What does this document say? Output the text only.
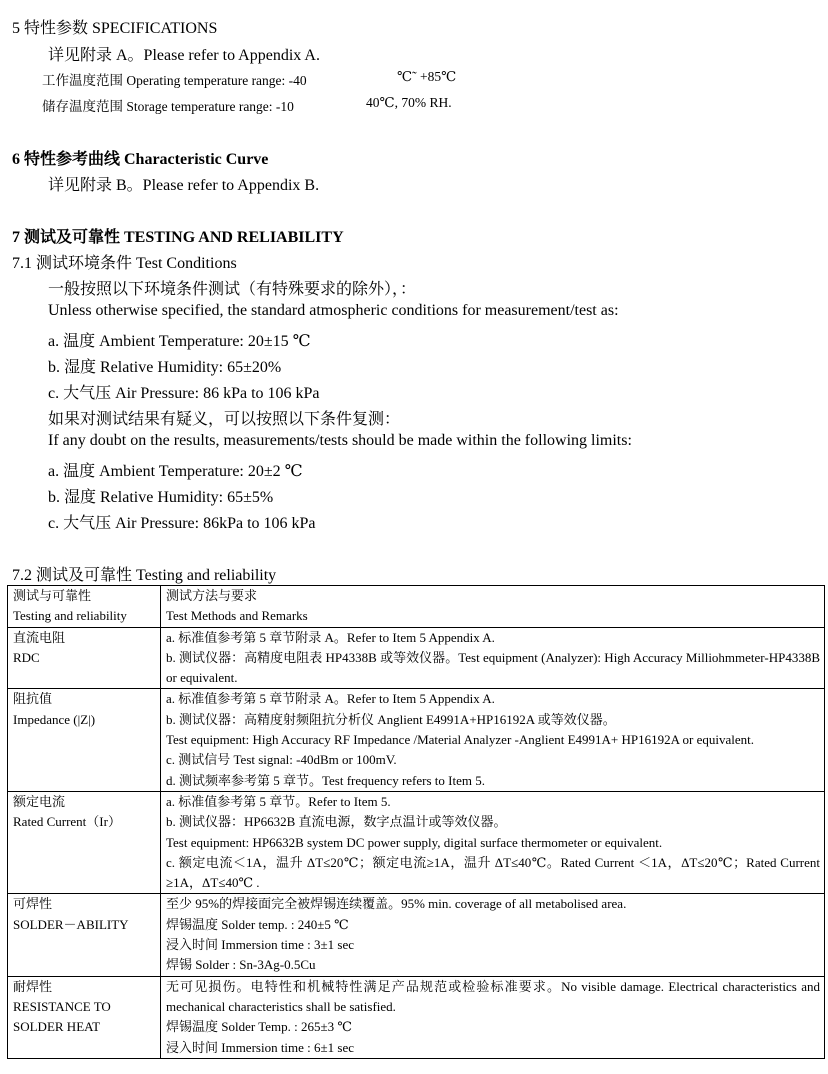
5 特性参数 SPECIFICATIONS
详见附录 A。Please refer to Appendix A.
工作温度范围 Operating temperature range: -40	℃˜ +85℃
储存温度范围 Storage temperature range: -10	40℃, 70% RH.
6 特性参考曲线 Characteristic Curve
详见附录 B。Please refer to Appendix B.
7 测试及可靠性 TESTING AND RELIABILITY
7.1 测试环境条件 Test Conditions
一般按照以下环境条件测试（有特殊要求的除外），：
Unless otherwise specified, the standard atmospheric conditions for measurement/test as:
a. 温度 Ambient Temperature: 20±15 ℃
b. 湿度 Relative Humidity: 65±20%
c. 大气压 Air Pressure: 86 kPa to 106 kPa
如果对测试结果有疑义，可以按照以下条件复测：
If any doubt on the results, measurements/tests should be made within the following limits:
a. 温度 Ambient Temperature: 20±2 ℃
b. 湿度 Relative Humidity: 65±5%
c. 大气压 Air Pressure: 86kPa to 106 kPa
7.2 测试及可靠性 Testing and reliability
测试与可靠性
Testing and reliability	测试方法与要求
Test Methods and Remarks

直流电阻
RDC	a. 标准值参考第 5 章节附录 A。Refer to Item 5 Appendix A.
b. 测试仪器：高精度电阻表 HP4338B 或等效仪器。Test equipment (Analyzer): High Accuracy Milliohmmeter-HP4338B or equivalent.

阻抗值
Impedance (|Z|)	a. 标准值参考第 5 章节附录 A。Refer to Item 5 Appendix A.
b. 测试仪器：高精度射频阻抗分析仪 Anglient E4991A+HP16192A 或等效仪器。
Test equipment: High Accuracy RF Impedance /Material Analyzer -Anglient E4991A+ HP16192A or equivalent.
c. 测试信号 Test signal: -40dBm or 100mV.
d. 测试频率参考第 5 章节。Test frequency refers to Item 5.

额定电流
Rated Current（Ir）	a. 标准值参考第 5 章节。Refer to Item 5.
b. 测试仪器：HP6632B 直流电源，数字点温计或等效仪器。
Test equipment: HP6632B system DC power supply, digital surface thermometer or equivalent.
c. 额定电流＜1A，温升 ΔT≤20℃；额定电流≥1A，温升 ΔT≤40℃。Rated Current ＜1A，ΔT≤20℃；Rated Current ≥1A，ΔT≤40℃ .

可焊性
SOLDER－ABILITY	至少 95%的焊接面完全被焊锡连续覆盖。95% min. coverage of all metabolised area.
焊锡温度 Solder temp. : 240±5 ℃
浸入时间 Immersion time : 3±1 sec
焊锡 Solder : Sn-3Ag-0.5Cu

耐焊性
RESISTANCE TO
SOLDER HEAT	无可见损伤。电特性和机械特性满足产品规范或检验标准要求。No visible damage. Electrical characteristics and mechanical characteristics shall be satisfied.
焊锡温度 Solder Temp. : 265±3 ℃
浸入时间 Immersion time : 6±1 sec
